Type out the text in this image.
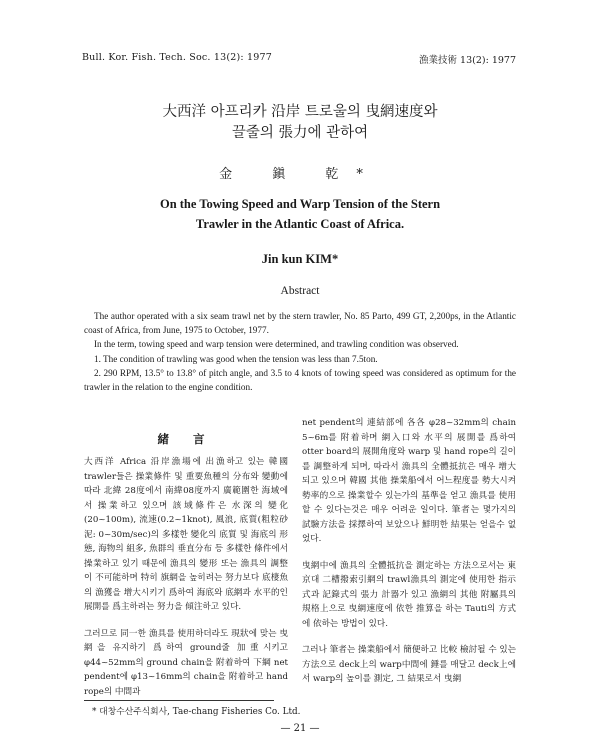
Bull. Kor. Fish. Tech. Soc. 13(2): 1977	漁業技術 13(2): 1977
大西洋 아프리카 沿岸 트로울의 曳網速度와
끌줄의 張力에 관하여
金 鎭 乾*
On the Towing Speed and Warp Tension of the Stern
Trawler in the Atlantic Coast of Africa.
Jin kun KIM*
Abstract

The author operated with a six seam trawl net by the stern trawler, No. 85 Parto, 499 GT, 2,200ps, in the Atlantic coast of Africa, from June, 1975 to October, 1977.

In the term, towing speed and warp tension were determined, and trawling condition was observed.

1. The condition of trawling was good when the tension was less than 7.5ton.

2. 290 RPM, 13.5° to 13.8° of pitch angle, and 3.5 to 4 knots of towing speed was considered as optimum for the trawler in the relation to the engine condition.

緒 言

大西洋 Africa 沿岸漁場에 出漁하고 있는 韓國 trawler들은 操業條件 및 重要魚種의 分布와 變動에 따라 北緯 28度에서 南緯08度까지 廣範圍한 海域에서 操業하고 있으며 該域條件은 水深의 變化(20~100m), 流速(0.2~1knot), 風浪, 底質(粗粒砂泥: 0~30m/sec)의 多樣한 變化의 底質 및 海底의 形態, 海物의 組多, 魚群의 垂直分布 등 多樣한 條件에서 操業하고 있기 때문에 漁具의 變形 또는 漁具의 調整이 不可能하며 特히 旗網을 높히려는 努力보다 底棲魚의 漁獲을 增大시키기 爲하여 海底와 底網과 水平的인 展開를 爲主하려는 努力을 傾注하고 있다.

그러므로 同一한 漁具를 使用하더라도 現狀에 맞는 曳網을 유지하기 爲하여 ground줄 加重시키고 φ44~52mm의 ground chain을 附着하여 下綱 net pendent에 φ13~16mm의 chain을 附着하고 hand rope의 中間과

net pendent의 連結部에 各各 φ28~32mm의 chain 5~6m를 附着하며 網入口와 水平의 展開를 爲하여 otter board의 展開角度와 warp 및 hand rope의 길이를 調整하게 되며, 따라서 漁具의 全體抵抗은 매우 增大되고 있으며 韓國 其他 操業船에서 어느程度를 勢大시켜 勢率的으로 操業할수 있는가의 基準을 얻고 漁具를 使用할 수 있다는것은 매우 어려운 일이다. 筆者는 몇가지의 試驗方法을 採擇하여 보았으나 鮮明한 結果는 얻을수 없었다.

曳網中에 漁具의 全體抵抗을 測定하는 方法으로서는 東京대 二槽撥索引網의 trawl漁具의 測定에 使用한 指示式과 記錄式의 張力 計器가 있고 漁網의 其他 附屬具의 規格上으로 曳網速度에 依한 推算을 하는 Tauti의 方式에 依하는 방법이 있다.

그러나 筆者는 操業船에서 簡便하고 比較 檢討될 수 있는 方法으로 deck上의 warp中間에 錘를 매달고 deck上에서 warp의 높이를 測定, 그 結果로서 曳網

* 대창수산주식회사, Tae-chang Fisheries Co. Ltd.
— 21 —
